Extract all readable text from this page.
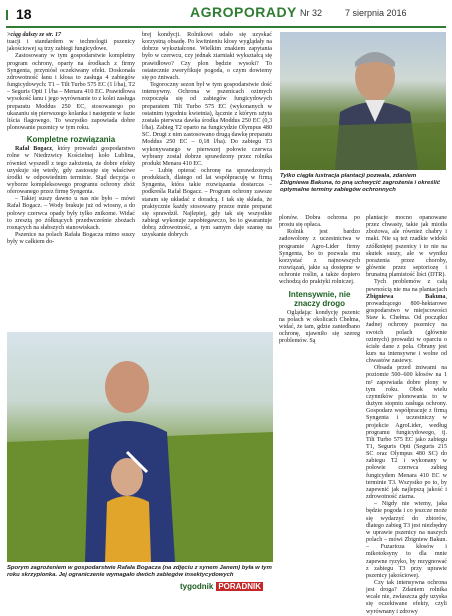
18	AGROPORADY Nr 32	7 sierpnia 2016

>ciąg dalszy ze str. 17

tuacji i standardem w technologii pszenicy jakościowej są trzy zabiegi fungicydowe.

Zastosowany w tym gospodarstwie kompletny program ochrony, oparty na środkach z firmy Syngenta, przyniósł oczekiwany efekt. Doskonała zdrowotność łanu i kłosa to zasługa 4 zabiegów fungicydowych: T1 – Tilt Turbo 575 EC (1 l/ha), T2 – Seguris Opti 1 l/ha – Menara 410 EC. Prawidłowa wysokość łanu i jego wyrównanie to z kolei zasługa preparatu Moddus 250 EC, stosowanego po ukazaniu się pierwszego kolanka i następnie w fazie liścia flagowego. To wszystko zapowiada dobre plonowanie pszenicy w tym roku.

Kompletne rozwiązania

Rafał Bogacz, który prowadzi gospodarstwo rolne w Niedrzwicy Kościelnej koło Lublina, również wyszedł z tego założenia, że dobre efekty uzyskuje się wtedy, gdy zastosuje się właściwe środki w odpowiednim terminie. Stąd decyzja o wyborze kompleksowego programu ochrony zbóż oferowanego przez firmę Syngenta.

– Takiej suszy dawno u nas nie było – mówi Rafał Bogacz. – Wody brakuje już od wiosny, a do połowy czerwca opady były tylko znikome. Widać to zresztą po żółknących przedwcześnie zbożach rosnących na słabszych stanowiskach.

Pszenice na polach Rafała Bogacza mimo suszy były w całkiem do-

brej kondycji. Rolnikowi udało się uzyskać korzystną obsadę. Po kwitnieniu kłosy wyglądały na dobrze wykształcone. Wielkim znakiem zapytania było w czerwcu, czy jednak ziarniaki wykształcą się prawidłowo? Czy plon będzie wysoki? To ostatecznie zweryfikuje pogoda, o czym dowiemy się po żniwach.

Tegoroczny sezon był w tym gospodarstwie dość intensywny. Ochrona w pszenicach ozimych rozpoczęła się od zabiegów fungicydowych preparatem Tilt Turbo 575 EC (wykonanych w ostatnim tygodniu kwietnia), łącznie z którym użyta została pierwsza dawka środka Moddus 250 EC (0,3 l/ha). Zabieg T2 oparto na fungicydzie Olympus 480 SC. Drugi z nim zastosowano drugą dawkę preparatu Moddus 250 EC – 0,18 l/ha). Do zabiegu T3 wykonywanego w pierwszej połowie czerwca wybrany został dobrze sprawdzony przez rolnika produkt Menara 410 EC.

– Lubię opierać ochronę na sprawdzonych produktach, dlatego od lat współpracuję w firmą Syngenta, która takie rozwiązania dostarcza – podkreśla Rafał Bogacz. – Program ochrony zawsze staram się układać z doradcą. I tak się składa, że praktycznie każdy stosowany przeze mnie preparat się sprawdził. Najlepiej, gdy tak się wszystkie zabiegi wykonuje zapobiegawczo, bo to gwarantuje dobrą zdrowotność, a tym samym daje szansę na uzyskanie dobrych

Tylko ciągła lustracja plantacji pozwala, zdaniem Zbigniewa Bakuna, to pną uchwycić zagrożenia i określić optymalne terminy zabiegów ochronnych

plonów. Dobra ochrona po prostu się opłaca.

Rolnik jest bardzo zadowolony z uczestnictwa w programie Agro-Lider firmy Syngenta, bo to pozwala mu korzystać z najnowszych rozwiązań, jakie są dostępne w ochronie roślin, a także dopiero wchodzą do praktyki rolniczej.

Intensywnie, nie znaczy drogo

Oglądając kondycję pszenic na polach w okolicach Chełma, widać, że tam, gdzie zaniedbano ochronę, ujawniło się szereg problemów. Są

plantacje mocno opanowane przez chwasty, takie jak miotła zbożowa, ale również chabry i maki. Nie są też rzadkie widoki zżółkniętej pszenicy i to nie na skutek suszy, ale w wyniku porażenia przez choroby, głównie przez septoriozę i brunatną plamistość liści (DTR).

Tych problemów z całą pewnością nie ma na plantacjach Zbigniewa Bakuna, prowadzącego 800-hektarowe gospodarstwo w miejscowości Staw k. Chełma. Od początku żadnej ochrony pszenicy na swoich polach (głównie ozimych) prowadzi w oparciu o ścisłe dane z pola. Obrany jest kurs na intensywne i wolne od chwastów zasiewy.

Obsada przed żniwami na poziomie 500–600 kłosów na 1 m² zapowiada dobre plony w tym roku. Obok wielu czynników plonowania to w dużym stopniu zasługa ochrony. Gospodarz współpracuje z firmą Syngenta i uczestniczy w projekcie AgroLider, według programu fungicydowego, tj. Tilt Turbo 575 EC jako zabiegu T1, Seguris Opti (Seguris 215 SC oraz Olympus 480 SC) do zabiegu T2 i wykonany w połowie czerwca zabieg fungicydem Menara 410 EC w terminie T3. Wszystko po to, by zapewnić jak najlepszą jakość i zdrowotność ziarna.

– Nigdy nie wiemy, jaka będzie pogoda i co jeszcze może się wydarzyć do zbiorów, dlatego zabieg T3 jest niezbędny w uprawie pszenicy na naszych polach – mówi Zbigniew Bakun. – Fuzarioza kłosów i mikotoksyny to dla mnie zapewne ryzyko, by rezygnować z zabiegu T3 przy uprawie pszenicy jakościowej.

Czy tak intensywna ochrona jest droga? Zdaniem rolnika wcale nie, zwłaszcza gdy uzyska się oczekiwane efekty, czyli wyrównany i zdrowy

Sporym zagrożeniem w gospodarstwie Rafała Bogacza (na zdjęciu z synem Janem) była w tym roku skrzypionka. Jej ograniczenie wymagało dwóch zabiegów insektycydowych

tygodnik PORADNIK
